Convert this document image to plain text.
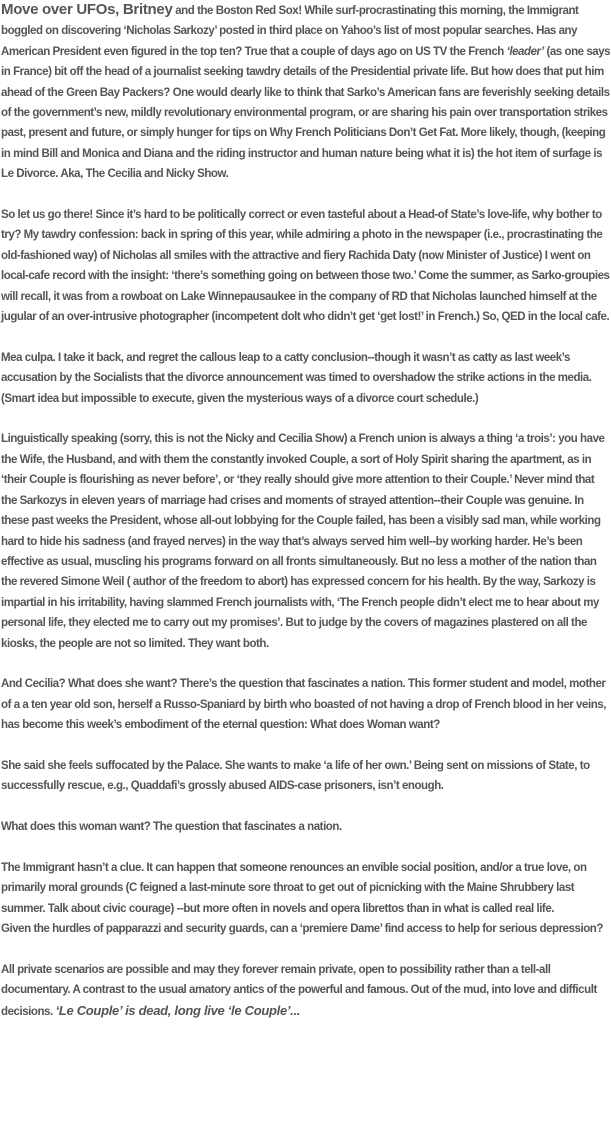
Move over UFOs, Britney and the Boston Red Sox! While surf-procrastinating this morning, the Immigrant boggled on discovering ‘Nicholas Sarkozy’ posted in third place on Yahoo’s list of most popular searches. Has any American President even figured in the top ten? True that a couple of days ago on US TV the French ‘leader’ (as one says in France) bit off the head of a journalist seeking tawdry details of the Presidential private life. But how does that put him ahead of the Green Bay Packers? One would dearly like to think that Sarko’s American fans are feverishly seeking details of the government’s new, mildly revolutionary environmental program, or are sharing his pain over transportation strikes past, present and future, or simply hunger for tips on Why French Politicians Don’t Get Fat. More likely, though, (keeping in mind Bill and Monica and Diana and the riding instructor and human nature being what it is) the hot item of surfage is Le Divorce. Aka, The Cecilia and Nicky Show.

So let us go there! Since it’s hard to be politically correct or even tasteful about a Head-of State’s love-life, why bother to try? My tawdry confession: back in spring of this year, while admiring a photo in the newspaper (i.e., procrastinating the old-fashioned way) of Nicholas all smiles with the attractive and fiery Rachida Daty (now Minister of Justice) I went on local-cafe record with the insight: ‘there’s something going on between those two.’ Come the summer, as Sarko-groupies will recall, it was from a rowboat on Lake Winnepausaukee in the company of RD that Nicholas launched himself at the jugular of an over-intrusive photographer (incompetent dolt who didn’t get ‘get lost!’ in French.) So, QED in the local cafe.

Mea culpa. I take it back, and regret the callous leap to a catty conclusion--though it wasn’t as catty as last week’s accusation by the Socialists that the divorce announcement was timed to overshadow the strike actions in the media. (Smart idea but impossible to execute, given the mysterious ways of a divorce court schedule.)

Linguistically speaking (sorry, this is not the Nicky and Cecilia Show) a French union is always a thing ‘a trois’: you have the Wife, the Husband, and with them the constantly invoked Couple, a sort of Holy Spirit sharing the apartment, as in ‘their Couple is flourishing as never before’, or ‘they really should give more attention to their Couple.’ Never mind that the Sarkozys in eleven years of marriage had crises and moments of strayed attention--their Couple was genuine. In these past weeks the President, whose all-out lobbying for the Couple failed, has been a visibly sad man, while working hard to hide his sadness (and frayed nerves) in the way that’s always served him well--by working harder. He’s been effective as usual, muscling his programs forward on all fronts simultaneously. But no less a mother of the nation than the revered Simone Weil ( author of the freedom to abort) has expressed concern for his health. By the way, Sarkozy is impartial in his irritability, having slammed French journalists with, ‘The French people didn’t elect me to hear about my personal life, they elected me to carry out my promises’. But to judge by the covers of magazines plastered on all the kiosks, the people are not so limited. They want both.

And Cecilia? What does she want? There’s the question that fascinates a nation. This former student and model, mother of a a ten year old son, herself a Russo-Spaniard by birth who boasted of not having a drop of French blood in her veins, has become this week’s embodiment of the eternal question: What does Woman want?

She said she feels suffocated by the Palace. She wants to make ‘a life of her own.’ Being sent on missions of State, to successfully rescue, e.g., Quaddafi’s grossly abused AIDS-case prisoners, isn’t enough.

What does this woman want? The question that fascinates a nation.

The Immigrant hasn’t a clue. It can happen that someone renounces an envible social position, and/or a true love, on primarily moral grounds (C feigned a last-minute sore throat to get out of picnicking with the Maine Shrubbery last summer. Talk about civic courage) --but more often in novels and opera librettos than in what is called real life.

Given the hurdles of papparazzi and security guards, can a ‘premiere Dame’ find access to help for serious depression?

All private scenarios are possible and may they forever remain private, open to possibility rather than a tell-all documentary. A contrast to the usual amatory antics of the powerful and famous. Out of the mud, into love and difficult decisions. ‘Le Couple’ is dead, long live ‘le Couple’...
